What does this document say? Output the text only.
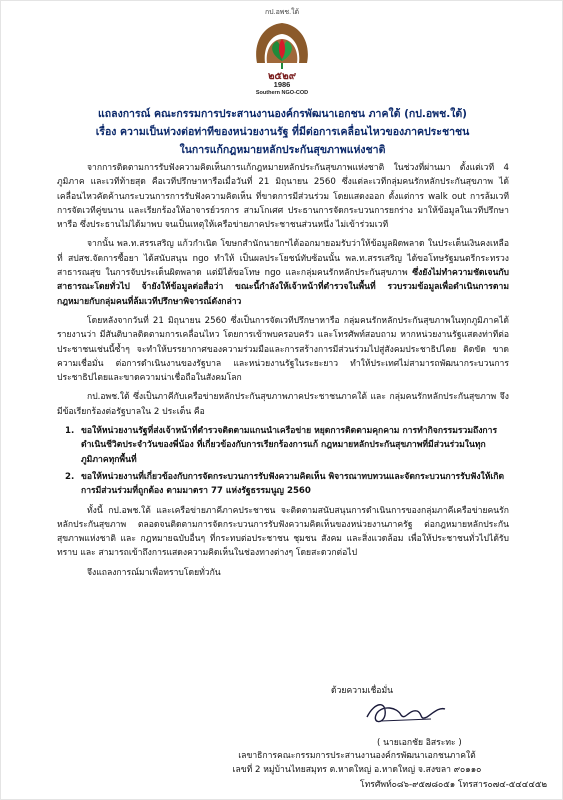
กป.อพช.ใต้
๒๕๒๙
1986
Southern NGO-COD
แถลงการณ์ คณะกรรมการประสานงานองค์กรพัฒนาเอกชน ภาคใต้ (กป.อพช.ใต้)
เรื่อง ความเป็นห่วงต่อท่าทีของหน่วยงานรัฐ ที่มีต่อการเคลื่อนไหวของภาคประชาชน
ในการแก้กฎหมายหลักประกันสุขภาพแห่งชาติ

จากการติดตามการรับฟังความคิดเห็นการแก้กฎหมายหลักประกันสุขภาพแห่งชาติ ในช่วงที่ผ่านมา ตั้งแต่เวที 4 ภูมิภาค และเวทีท้ายสุด คือเวทีปรึกษาหารือเมื่อวันที่ 21 มิถุนายน 2560 ซึ่งแต่ละเวทีกลุ่มคนรักหลักประกันสุขภาพ ได้เคลื่อนไหวคัดค้านกระบวนการการรับฟังความคิดเห็น ที่ขาดการมีส่วนร่วม โดยแสดงออก ตั้งแต่การ walk out การล้มเวที การจัดเวทีคู่ขนาน และเรียกร้องให้อาจารย์วรการ สามโกเศศ ประธานการจัดกระบวนการยกร่าง มาให้ข้อมูลในเวทีปรึกษาหารือ ซึ่งประธานไม่ได้มาพบ จนเป็นเหตุให้เครือข่ายภาคประชาชนส่วนหนึ่ง ไม่เข้าร่วมเวที

จากนั้น พล.ท.สรรเสริญ แก้วกำเนิด โฆษกสำนักนายกฯได้ออกมายอมรับว่าให้ข้อมูลผิดพลาด ในประเด็นเงินคงเหลือที่ สปสช.จัดการซื้อยา ได้สนับสนุน ngo ทำให้ เป็นผลประโยชน์ทับซ้อนนั้น พล.ท.สรรเสริญ ได้ขอโทษรัฐมนตรีกระทรวงสาธารณสุข ในการจับประเด็นผิดพลาด แต่มิได้ขอโทษ ngo และกลุ่มคนรักหลักประกันสุขภาพ ซึ่งยังไม่ทำความชัดเจนกับสาธารณะโดยทั่วไป จ้ายังให้ข้อมูลต่อสื่อว่า ขณะนี้กำลังให้เจ้าหน้าที่ตำรวจในพื้นที่ รวบรวมข้อมูลเพื่อดำเนินการตามกฎหมายกับกลุ่มคนที่ล้มเวทีปรึกษาพิจารณ์ดังกล่าว

โดยหลังจากวันที่ 21 มิถุนายน 2560 ซึ่งเป็นการจัดเวทีปรึกษาหารือ กลุ่มคนรักหลักประกันสุขภาพในทุกภูมิภาคได้รายงานว่า มีสันติบาลติดตามการเคลื่อนไหว โดยการเข้าพบครอบครัว และโทรศัพท์สอบถาม หากหน่วยงานรัฐแสดงท่าทีต่อประชาชนเช่นนี้ซ้ำๆ จะทำให้บรรยากาศของความร่วมมือและการสร้างการมีส่วนร่วมไปสู่สังคมประชาธิปไตย ติดขัด ขาดความเชื่อมั่น ต่อการดำเนินงานของรัฐบาล และหน่วยงานรัฐในระยะยาว ทำให้ประเทศไม่สามารถพัฒนากระบวนการประชาธิปไตยและขาดความน่าเชื่อถือในสังคมโลก

กป.อพช.ใต้ ซึ่งเป็นภาคีกับเครือข่ายหลักประกันสุขภาพภาคประชาชนภาคใต้ และ กลุ่มคนรักหลักประกันสุขภาพ จึงมีข้อเรียกร้องต่อรัฐบาลใน 2 ประเด็น คือ

1. ขอให้หน่วยงานรัฐที่ส่งเจ้าหน้าที่ตำรวจติดตามแกนนำเครือข่าย หยุดการติดตามคุกคาม การทำกิจกรรมรวมถึงการดำเนินชีวิตประจำวันของพี่น้อง ที่เกี่ยวข้องกับการเรียกร้องการแก้ กฎหมายหลักประกันสุขภาพที่มีส่วนร่วมในทุกภูมิภาคทุกพื้นที่
2. ขอให้หน่วยงานที่เกี่ยวข้องกับการจัดกระบวนการรับฟังความคิดเห็น พิจารณาทบทวนและจัดกระบวนการรับฟังให้เกิดการมีส่วนร่วมที่ถูกต้อง ตามมาตรา 77 แห่งรัฐธรรมนูญ 2560

ทั้งนี้ กป.อพช.ใต้ และเครือข่ายภาคีภาคประชาชน จะติดตามสนับสนุนการดำเนินการของกลุ่มภาคีเครือข่ายคนรักหลักประกันสุขภาพ ตลอดจนติดตามการจัดกระบวนการรับฟังความคิดเห็นของหน่วยงานภาครัฐ ต่อกฎหมายหลักประกันสุขภาพแห่งชาติ และ กฎหมายฉบับอื่นๆ ที่กระทบต่อประชาชน ชุมชน สังคม และสิ่งแวดล้อม เพื่อให้ประชาชนทั่วไปได้รับทราบ และ สามารถเข้าถึงการแสดงความคิดเห็นในช่องทางต่างๆ โดยสะดวกต่อไป

จึงแถลงการณ์มาเพื่อทราบโดยทั่วกัน

ด้วยความเชื่อมั่น
( นายเอกชัย อิสระทะ )
เลขาธิการคณะกรรมการประสานงานองค์กรพัฒนาเอกชนภาคใต้
เลขที่ 2 หมู่บ้านไทยสมุทร ต.หาดใหญ่ อ.หาดใหญ่ จ.สงขลา ๙๐๑๑๐
โทรศัพท์๐๘๖-๙๕๗๘๐๕๑ โทรสาร๐๗๔-๕๔๔๔๕๒
